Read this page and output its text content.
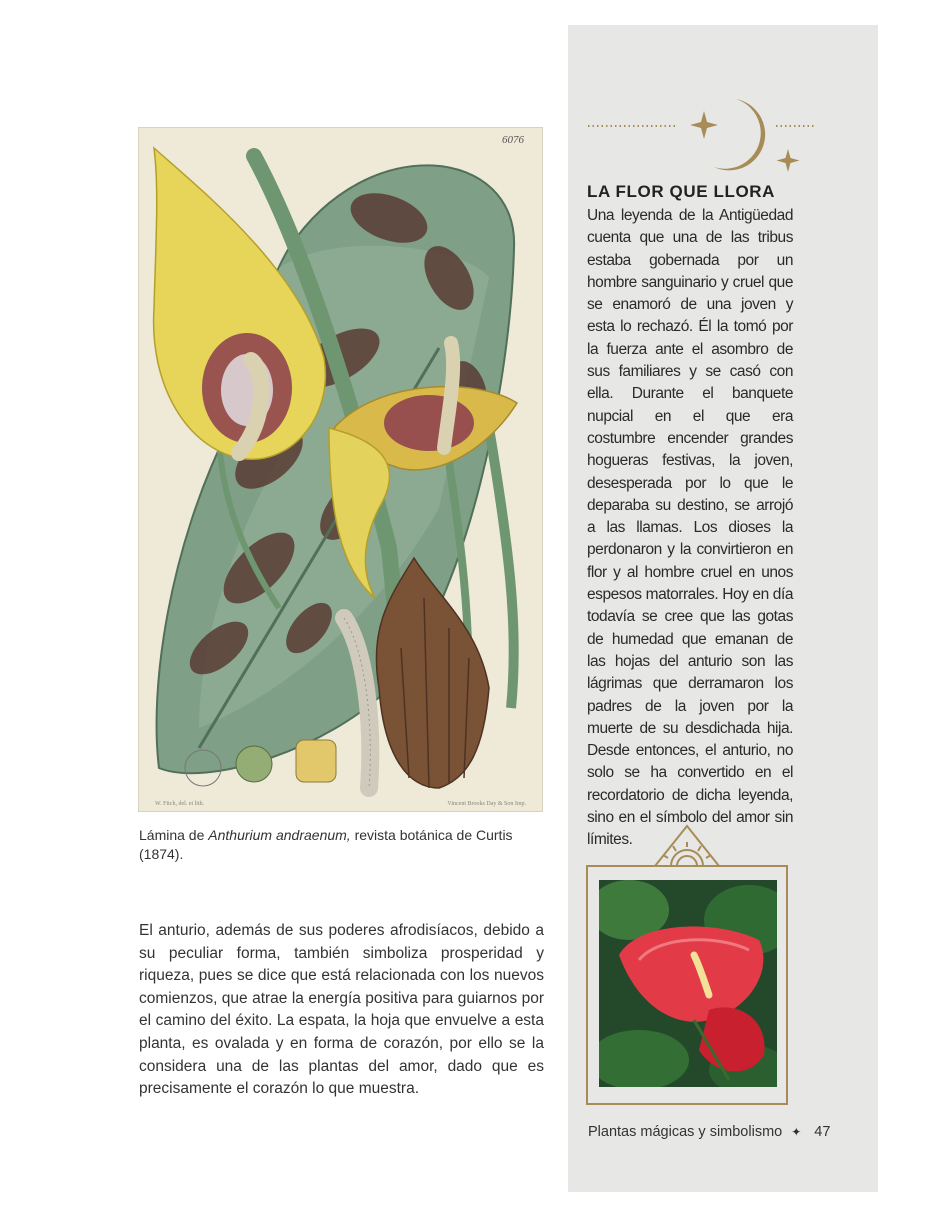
6076
W. Fitch, del. et lith.	Vincent Brooks Day & Son Imp.
Lámina de Anthurium andraenum, revista botánica de Curtis (1874).

El anturio, además de sus poderes afrodisíacos, debido a su peculiar forma, también simboliza prosperidad y riqueza, pues se dice que está relacionada con los nuevos comienzos, que atrae la energía positiva para guiarnos por el camino del éxito. La espata, la hoja que envuelve a esta planta, es ovalada y en forma de corazón, por ello se la considera una de las plantas del amor, dado que es precisamente el corazón lo que muestra.

LA FLOR QUE LLORA

Una leyenda de la Antigüedad cuenta que una de las tribus estaba gobernada por un hombre sanguinario y cruel que se enamoró de una joven y esta lo rechazó. Él la tomó por la fuerza ante el asombro de sus familiares y se casó con ella. Durante el banquete nupcial en el que era costumbre encender grandes hogueras festivas, la joven, desesperada por lo que le deparaba su destino, se arrojó a las llamas. Los dioses la perdonaron y la convirtieron en flor y al hombre cruel en unos espesos matorrales. Hoy en día todavía se cree que las gotas de humedad que emanan de las hojas del anturio son las lágrimas que derramaron los padres de la joven por la muerte de su desdichada hija. Desde entonces, el anturio, no solo se ha convertido en el recordatorio de dicha leyenda, sino en el símbolo del amor sin límites.

Plantas mágicas y simbolismo ✦ 47
